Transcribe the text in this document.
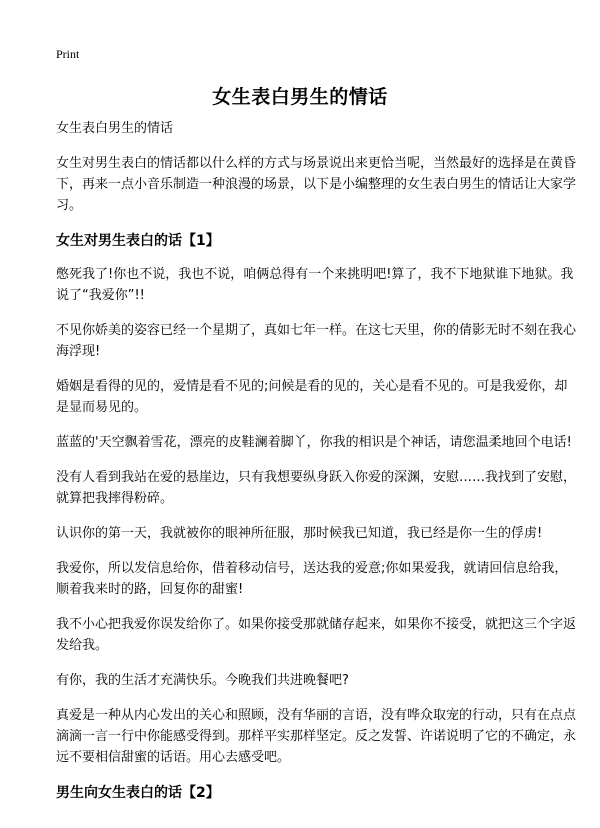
Print
女生表白男生的情话

女生表白男生的情话

女生对男生表白的情话都以什么样的方式与场景说出来更恰当呢，当然最好的选择是在黄昏下，再来一点小音乐制造一种浪漫的场景，以下是小编整理的女生表白男生的情话让大家学习。

女生对男生表白的话【1】

憋死我了!你也不说，我也不说，咱俩总得有一个来挑明吧!算了，我不下地狱谁下地狱。我说了“我爱你”!!

不见你娇美的姿容已经一个星期了，真如七年一样。在这七天里，你的倩影无时不刻在我心海浮现!

婚姻是看得的见的，爱情是看不见的;问候是看的见的，关心是看不见的。可是我爱你，却是显而易见的。

蓝蓝的'天空飘着雪花，漂亮的皮鞋澜着脚丫，你我的相识是个神话，请您温柔地回个电话!

没有人看到我站在爱的悬崖边，只有我想要纵身跃入你爱的深渊，安慰……我找到了安慰，就算把我摔得粉碎。

认识你的第一天，我就被你的眼神所征服，那时候我已知道，我已经是你一生的俘虏!

我爱你，所以发信息给你，借着移动信号，送达我的爱意;你如果爱我，就请回信息给我，顺着我来时的路，回复你的甜蜜!

我不小心把我爱你误发给你了。如果你接受那就储存起来，如果你不接受，就把这三个字返发给我。

有你，我的生活才充满快乐。今晚我们共进晚餐吧?

真爱是一种从内心发出的关心和照顾，没有华丽的言语，没有哗众取宠的行动，只有在点点滴滴一言一行中你能感受得到。那样平实那样坚定。反之发誓、许诺说明了它的不确定，永远不要相信甜蜜的话语。用心去感受吧。

男生向女生表白的话【2】
